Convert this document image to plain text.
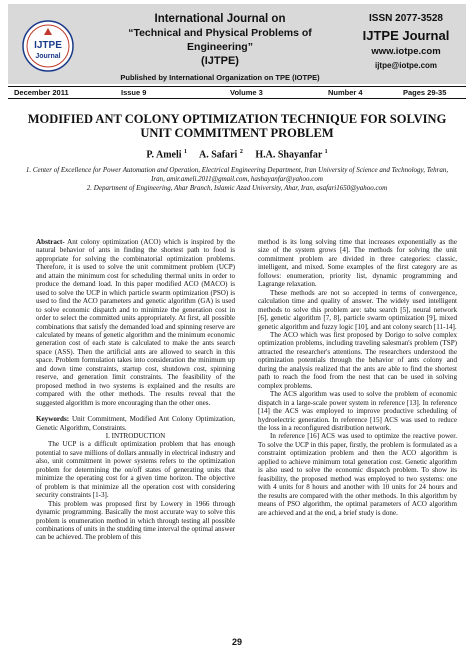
IJTPE
Journal
International Journal on
“Technical and Physical Problems of Engineering”
(IJTPE)
Published by International Organization on TPE (IOTPE)
ISSN 2077-3528
IJTPE Journal
www.iotpe.com
ijtpe@iotpe.com
December 2011	Issue 9	Volume 3	Number 4	Pages 29-35
MODIFIED ANT COLONY OPTIMIZATION TECHNIQUE FOR SOLVING
UNIT COMMITMENT PROBLEM
P. Ameli $^1$ A. Safari $^2$ H.A. Shayanfar $^1$
1. Center of Excellence for Power Automation and Operation, Electrical Engineering Department, Iran University of Science and Technology, Tehran, Iran, amir.ameli.2011@gmail.com, hashayanfar@yahoo.com
2. Department of Engineering, Ahar Branch, Islamic Azad University, Ahar, Iran, asafari1650@yahoo.com

Abstract- Ant colony optimization (ACO) which is inspired by the natural behavior of ants in finding the shortest path to food is appropriate for solving the combinatorial optimization problems. Therefore, it is used to solve the unit commitment problem (UCP) and attain the minimum cost for scheduling thermal units in order to produce the demand load. In this paper modified ACO (MACO) is used to solve the UCP in which particle swarm optimization (PSO) is used to find the ACO parameters and genetic algorithm (GA) is used to solve economic dispatch and to minimize the generation cost in order to select the committed units appropriately. At first, all possible combinations that satisfy the demanded load and spinning reserve are calculated by means of genetic algorithm and the minimum economic generation cost of each state is calculated to make the ants search space (ASS). Then the artificial ants are allowed to search in this space. Problem formulation takes into consideration the minimum up and down time constraints, startup cost, shutdown cost, spinning reserve, and generation limit constraints. The feasibility of the proposed method in two systems is explained and the results are compared with the other methods. The results reveal that the suggested algorithm is more encouraging than the other ones.

Keywords: Unit Commitment, Modified Ant Colony Optimization, Genetic Algorithm, Constraints.

I. INTRODUCTION

The UCP is a difficult optimization problem that has enough potential to save millions of dollars annually in electrical industry and also, unit commitment in power systems refers to the optimization problem for determining the on/off states of generating units that minimize the operating cost for a given time horizon. The objective of problem is that minimize all the operation cost with considering security constraints [1-3].

This problem was proposed first by Lowery in 1966 through dynamic programming. Basically the most accurate way to solve this problem is enumeration method in which through testing all possible combinations of units in the studding time interval the optimal answer can be achieved. The problem of this

method is its long solving time that increases exponentially as the size of the system grows [4]. The methods for solving the unit commitment problem are divided in three categories: classic, intelligent, and mixed. Some examples of the first category are as follows: enumeration, priority list, dynamic programming and Lagrange relaxation.

These methods are not so accepted in terms of convergence, calculation time and quality of answer. The widely used intelligent methods to solve this problem are: tabu search [5], neural network [6], genetic algorithm [7, 8], particle swarm optimization [9], mixed genetic algorithm and fuzzy logic [10], and ant colony search [11-14].

The ACO which was first proposed by Dorigo to solve complex optimization problems, including traveling salesman's problem (TSP) attracted the researcher's attentions. The researchers understood the optimization potentials through the behavior of ants colony and during the analysis realized that the ants are able to find the shortest path to reach the food from the nest that can be used in solving complex problems.

The ACS algorithm was used to solve the problem of economic dispatch in a large-scale power system in reference [13]. In reference [14] the ACS was employed to improve productive scheduling of hydroelectric generation. In reference [15] ACS was used to reduce the loss in a reconfigured distribution network.

In reference [16] ACS was used to optimize the reactive power. To solve the UCP in this paper, firstly, the problem is formulated as a constraint optimization problem and then the ACO algorithm is applied to achieve minimum total generation cost. Genetic algorithm is also used to solve the economic dispatch problem. To show its feasibility, the proposed method was employed to two systems: one with 4 units for 8 hours and another with 10 units for 24 hours and the results are compared with the other methods. In this algorithm by means of PSO algorithm, the optimal parameters of ACO algorithm are achieved and at the end, a brief study is done.

29
